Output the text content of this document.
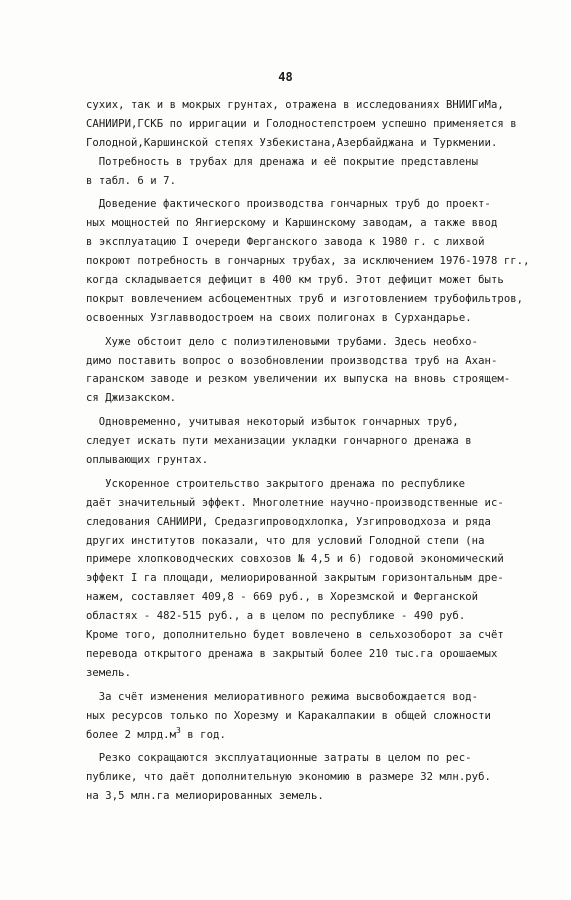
48
сухих, так и в мокрых грунтах, отражена в исследованиях ВНИИГиМа,
САНИИРИ,ГСКБ по ирригации и Голодностепстроем успешно применяется в
Голодной,Каршинской степях Узбекистана,Азербайджана и Туркмении.
Потребность в трубах для дренажа и её покрытие представлены
в табл. 6 и 7.
Доведение фактического производства гончарных труб до проект-
ных мощностей по Янгиерскому и Каршинскому заводам, а также ввод
в эксплуатацию I очереди Ферганского завода к 1980 г. с лихвой
покроют потребность в гончарных трубах, за исключением 1976-1978 гг.,
когда складывается дефицит в 400 км труб. Этот дефицит может быть
покрыт вовлечением асбоцементных труб и изготовлением трубофильтров,
освоенных Узглавводостроем на своих полигонах в Сурхандарье.
Хуже обстоит дело с полиэтиленовыми трубами. Здесь необхо-
димо поставить вопрос о возобновлении производства труб на Ахан-
гаранском заводе и резком увеличении их выпуска на вновь строящем-
ся Джизакском.
Одновременно, учитывая некоторый избыток гончарных труб,
следует искать пути механизации укладки гончарного дренажа в
оплывающих грунтах.
Ускоренное строительство закрытого дренажа по республике
даёт значительный эффект. Многолетние научно-производственные ис-
следования САНИИРИ, Средазгипроводхлопка, Узгипроводхоза и ряда
других институтов показали, что для условий Голодной степи (на
примере хлопководческих совхозов № 4,5 и 6) годовой экономический
эффект I га площади, мелиорированной закрытым горизонтальным дре-
нажем, составляет 409,8 - 669 руб., в Хорезмской и Ферганской
областях - 482-515 руб., а в целом по республике - 490 руб.
Кроме того, дополнительно будет вовлечено в сельхозоборот за счёт
перевода открытого дренажа в закрытый более 210 тыс.га орошаемых
земель.
За счёт изменения мелиоративного режима высвобождается вод-
ных ресурсов только по Хорезму и Каракалпакии в общей сложности
более 2 $млрд.м^3$ в год.
Резко сокращаются эксплуатационные затраты в целом по рес-
публике, что даёт дополнительную экономию в размере 32 млн.руб.
на 3,5 млн.га мелиорированных земель.
